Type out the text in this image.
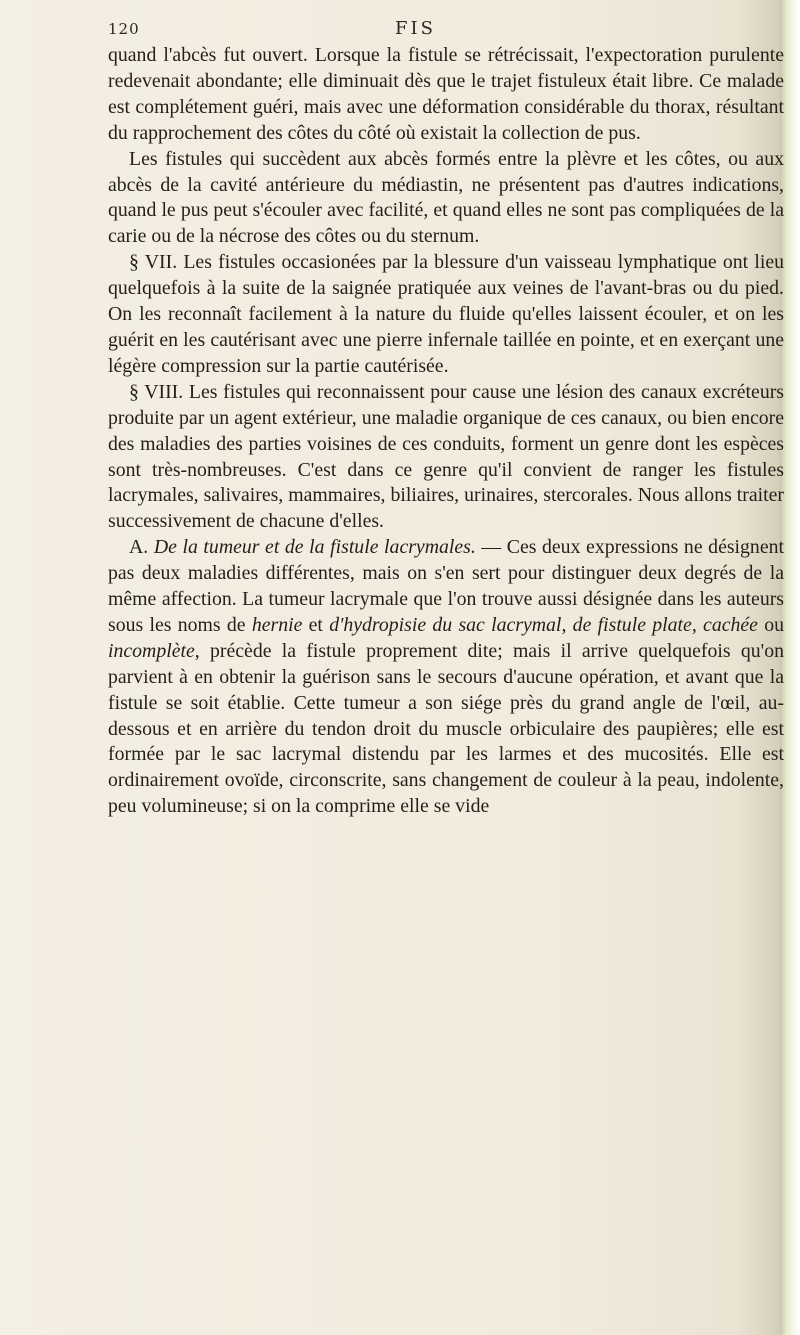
120	FIS

quand l'abcès fut ouvert. Lorsque la fistule se rétrécissait, l'expectoration purulente redevenait abondante; elle diminuait dès que le trajet fistuleux était libre. Ce malade est complétement guéri, mais avec une déformation considérable du thorax, résultant du rapprochement des côtes du côté où existait la collection de pus.

Les fistules qui succèdent aux abcès formés entre la plèvre et les côtes, ou aux abcès de la cavité antérieure du médiastin, ne présentent pas d'autres indications, quand le pus peut s'écouler avec facilité, et quand elles ne sont pas compliquées de la carie ou de la nécrose des côtes ou du sternum.

§ VII. Les fistules occasionées par la blessure d'un vaisseau lymphatique ont lieu quelquefois à la suite de la saignée pratiquée aux veines de l'avant-bras ou du pied. On les reconnaît facilement à la nature du fluide qu'elles laissent écouler, et on les guérit en les cautérisant avec une pierre infernale taillée en pointe, et en exerçant une légère compression sur la partie cautérisée.

§ VIII. Les fistules qui reconnaissent pour cause une lésion des canaux excréteurs produite par un agent extérieur, une maladie organique de ces canaux, ou bien encore des maladies des parties voisines de ces conduits, forment un genre dont les espèces sont très-nombreuses. C'est dans ce genre qu'il convient de ranger les fistules lacrymales, salivaires, mammaires, biliaires, urinaires, stercorales. Nous allons traiter successivement de chacune d'elles.

A. De la tumeur et de la fistule lacrymales. — Ces deux expressions ne désignent pas deux maladies différentes, mais on s'en sert pour distinguer deux degrés de la même affection. La tumeur lacrymale que l'on trouve aussi désignée dans les auteurs sous les noms de hernie et d'hydropisie du sac lacrymal, de fistule plate, cachée ou incomplète, précède la fistule proprement dite; mais il arrive quelquefois qu'on parvient à en obtenir la guérison sans le secours d'aucune opération, et avant que la fistule se soit établie. Cette tumeur a son siége près du grand angle de l'œil, au-dessous et en arrière du tendon droit du muscle orbiculaire des paupières; elle est formée par le sac lacrymal distendu par les larmes et des mucosités. Elle est ordinairement ovoïde, circonscrite, sans changement de couleur à la peau, indolente, peu volumineuse; si on la comprime elle se vide
